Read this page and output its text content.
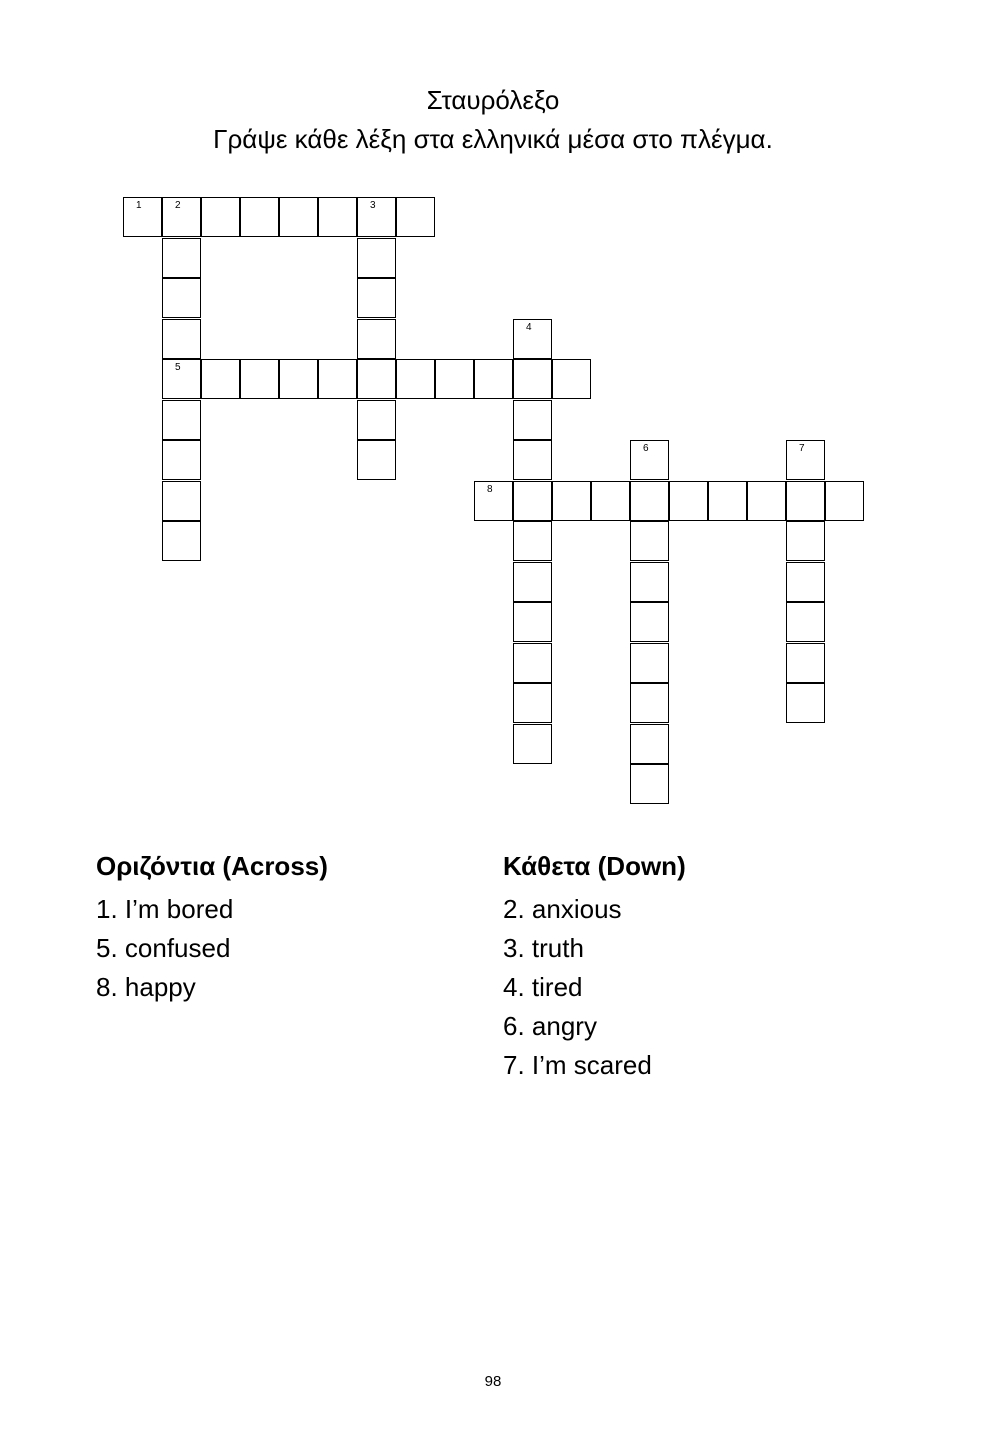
Σταυρόλεξο
Γράψε κάθε λέξη στα ελληνικά μέσα στο πλέγμα.
1	2	3
5
4
6	7
8
Οριζόντια (Across)
1. I’m bored
5. confused
8. happy
Κάθετα (Down)
2. anxious
3. truth
4. tired
6. angry
7. I’m scared
98
